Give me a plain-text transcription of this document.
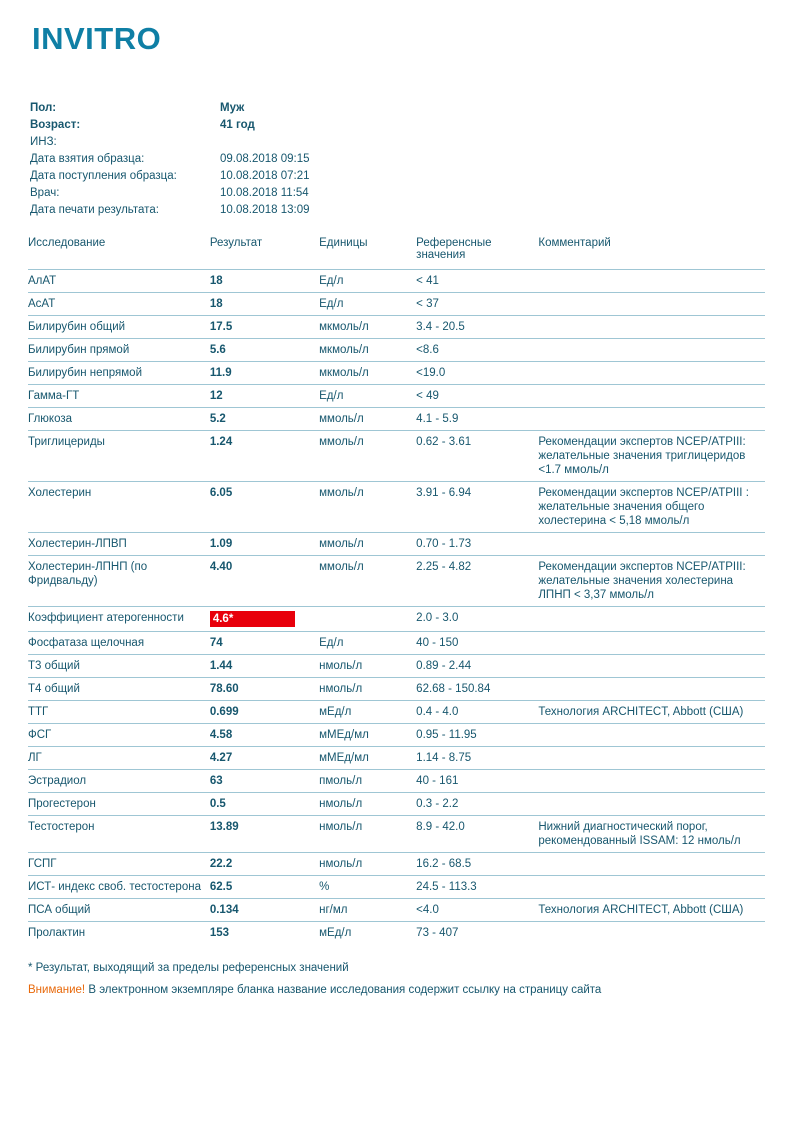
INVITRO
Пол:	Муж
Возраст:	41 год
ИНЗ:
Дата взятия образца:	09.08.2018 09:15
Дата поступления образца:	10.08.2018 07:21
Врач:	10.08.2018 11:54
Дата печати результата:	10.08.2018 13:09
Исследование	Результат	Единицы	Референсные значения	Комментарий
АлАТ	18	Ед/л	< 41	
АсАТ	18	Ед/л	< 37	
Билирубин общий	17.5	мкмоль/л	3.4 - 20.5	
Билирубин прямой	5.6	мкмоль/л	<8.6	
Билирубин непрямой	11.9	мкмоль/л	<19.0	
Гамма-ГТ	12	Ед/л	< 49	
Глюкоза	5.2	ммоль/л	4.1 - 5.9	
Триглицериды	1.24	ммоль/л	0.62 - 3.61	Рекомендации экспертов NCEP/ATPIII: желательные значения триглицеридов <1.7 ммоль/л
Холестерин	6.05	ммоль/л	3.91 - 6.94	Рекомендации экспертов NCEP/ATPIII : желательные значения общего холестерина < 5,18 ммоль/л
Холестерин-ЛПВП	1.09	ммоль/л	0.70 - 1.73	
Холестерин-ЛПНП (по Фридвальду)	4.40	ммоль/л	2.25 - 4.82	Рекомендации экспертов NCEP/ATPIII: желательные значения холестерина ЛПНП < 3,37 ммоль/л
Коэффициент атерогенности	4.6*		2.0 - 3.0	
Фосфатаза щелочная	74	Ед/л	40 - 150	
Т3 общий	1.44	нмоль/л	0.89 - 2.44	
Т4 общий	78.60	нмоль/л	62.68 - 150.84	
ТТГ	0.699	мЕд/л	0.4 - 4.0	Технология ARCHITECT, Abbott (США)
ФСГ	4.58	мМЕд/мл	0.95 - 11.95	
ЛГ	4.27	мМЕд/мл	1.14 - 8.75	
Эстрадиол	63	пмоль/л	40 - 161	
Прогестерон	0.5	нмоль/л	0.3 - 2.2	
Тестостерон	13.89	нмоль/л	8.9 - 42.0	Нижний диагностический порог, рекомендованный ISSAM: 12 нмоль/л
ГСПГ	22.2	нмоль/л	16.2 - 68.5	
ИСТ- индекс своб. тестостерона	62.5	%	24.5 - 113.3	
ПСА общий	0.134	нг/мл	<4.0	Технология ARCHITECT, Abbott (США)
Пролактин	153	мЕд/л	73 - 407	
* Результат, выходящий за пределы референсных значений
Внимание! В электронном экземпляре бланка название исследования содержит ссылку на страницу сайта
